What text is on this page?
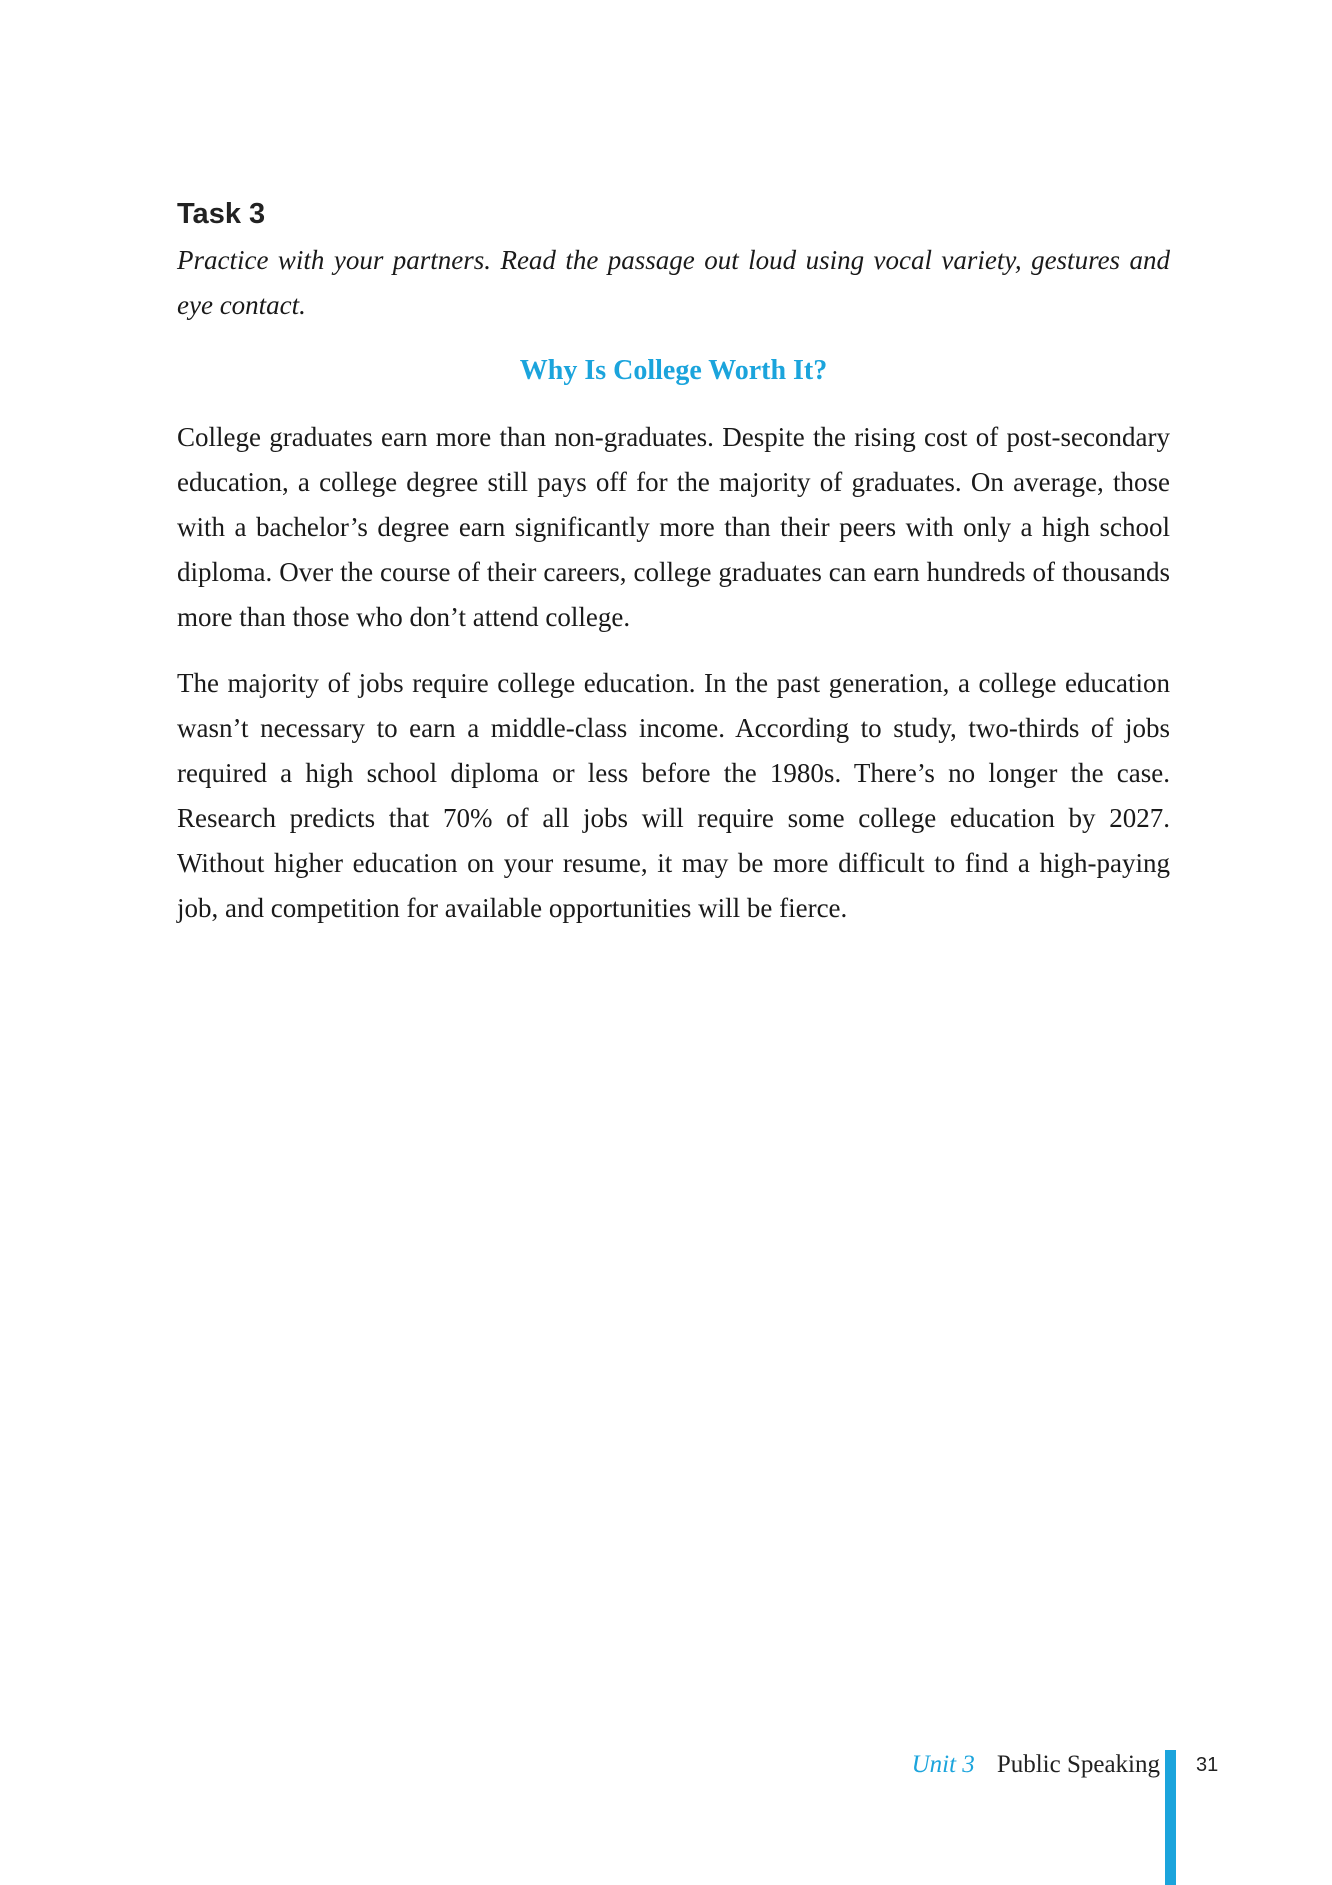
Task 3

Practice with your partners. Read the passage out loud using vocal variety, gestures and eye contact.

Why Is College Worth It?

College graduates earn more than non-graduates. Despite the rising cost of post-secondary education, a college degree still pays off for the majority of graduates. On average, those with a bachelor’s degree earn significantly more than their peers with only a high school diploma. Over the course of their careers, college graduates can earn hundreds of thousands more than those who don’t attend college.

The majority of jobs require college education. In the past generation, a college education wasn’t necessary to earn a middle-class income. According to study, two-thirds of jobs required a high school diploma or less before the 1980s. There’s no longer the case. Research predicts that 70% of all jobs will require some college education by 2027. Without higher education on your resume, it may be more difficult to find a high-paying job, and competition for available opportunities will be fierce.

Unit 3 Public Speaking 31
